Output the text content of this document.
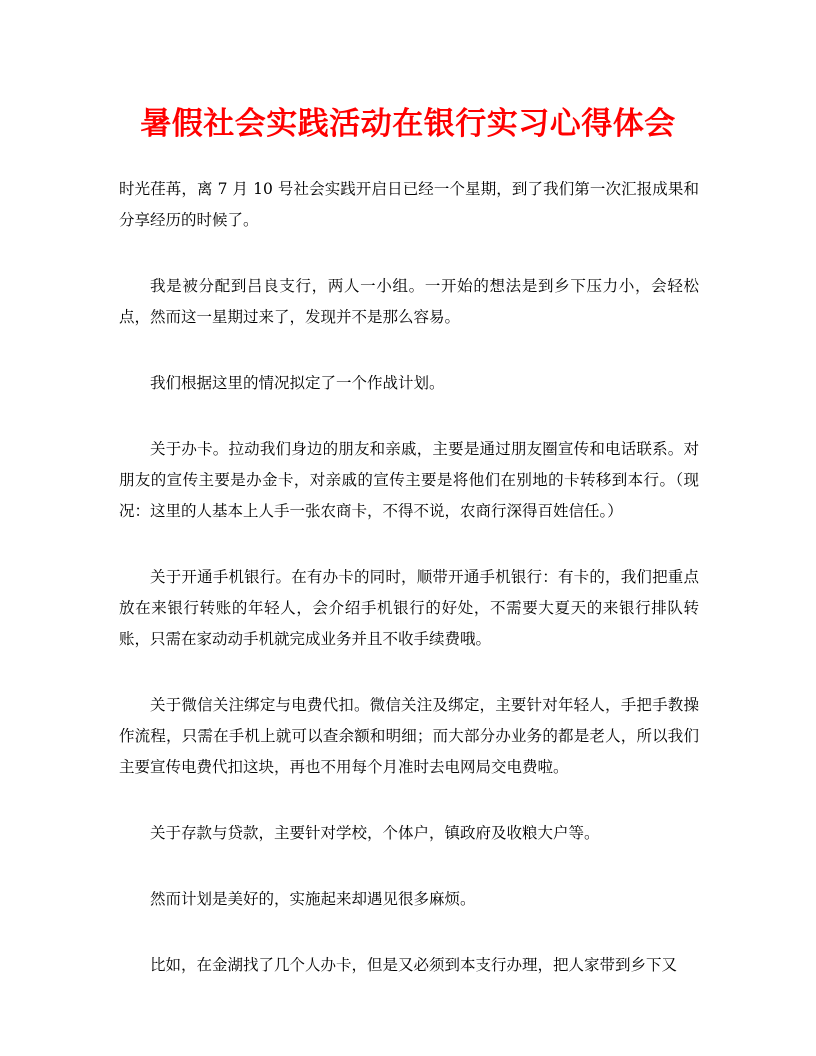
暑假社会实践活动在银行实习心得体会

时光荏苒，离 7 月 10 号社会实践开启日已经一个星期，到了我们第一次汇报成果和分享经历的时候了。

我是被分配到吕良支行，两人一小组。一开始的想法是到乡下压力小，会轻松点，然而这一星期过来了，发现并不是那么容易。

我们根据这里的情况拟定了一个作战计划。

关于办卡。拉动我们身边的朋友和亲戚，主要是通过朋友圈宣传和电话联系。对朋友的宣传主要是办金卡，对亲戚的宣传主要是将他们在别地的卡转移到本行。（现况：这里的人基本上人手一张农商卡，不得不说，农商行深得百姓信任。）

关于开通手机银行。在有办卡的同时，顺带开通手机银行：有卡的，我们把重点放在来银行转账的年轻人，会介绍手机银行的好处，不需要大夏天的来银行排队转账，只需在家动动手机就完成业务并且不收手续费哦。

关于微信关注绑定与电费代扣。微信关注及绑定，主要针对年轻人，手把手教操作流程，只需在手机上就可以查余额和明细；而大部分办业务的都是老人，所以我们主要宣传电费代扣这块，再也不用每个月准时去电网局交电费啦。

关于存款与贷款，主要针对学校，个体户，镇政府及收粮大户等。

然而计划是美好的，实施起来却遇见很多麻烦。

比如，在金湖找了几个人办卡，但是又必须到本支行办理，把人家带到乡下又
